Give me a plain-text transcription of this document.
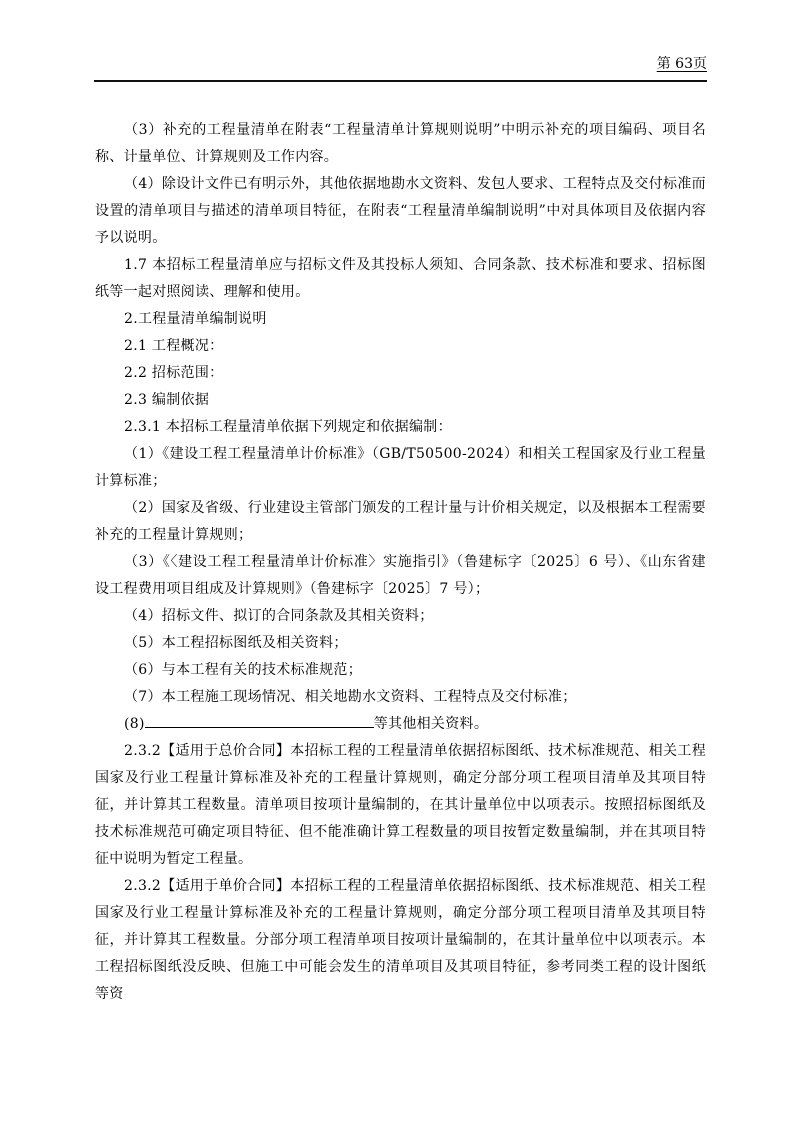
第 63页

（3）补充的工程量清单在附表“工程量清单计算规则说明”中明示补充的项目编码、项目名称、计量单位、计算规则及工作内容。

（4）除设计文件已有明示外，其他依据地勘水文资料、发包人要求、工程特点及交付标准而设置的清单项目与描述的清单项目特征，在附表“工程量清单编制说明”中对具体项目及依据内容予以说明。

1.7 本招标工程量清单应与招标文件及其投标人须知、合同条款、技术标准和要求、招标图纸等一起对照阅读、理解和使用。

2.工程量清单编制说明

2.1 工程概况：

2.2 招标范围：

2.3 编制依据

2.3.1 本招标工程量清单依据下列规定和依据编制：

（1）《建设工程工程量清单计价标准》（GB/T50500-2024）和相关工程国家及行业工程量计算标准；

（2）国家及省级、行业建设主管部门颁发的工程计量与计价相关规定，以及根据本工程需要补充的工程量计算规则；

（3）《〈建设工程工程量清单计价标准〉实施指引》（鲁建标字〔2025〕6 号）、《山东省建设工程费用项目组成及计算规则》（鲁建标字〔2025〕7 号）；

（4）招标文件、拟订的合同条款及其相关资料；

（5）本工程招标图纸及相关资料；

（6）与本工程有关的技术标准规范；

（7）本工程施工现场情况、相关地勘水文资料、工程特点及交付标准；

(8)	等其他相关资料。

2.3.2【适用于总价合同】本招标工程的工程量清单依据招标图纸、技术标准规范、相关工程国家及行业工程量计算标准及补充的工程量计算规则，确定分部分项工程项目清单及其项目特征，并计算其工程数量。清单项目按项计量编制的，在其计量单位中以项表示。按照招标图纸及技术标准规范可确定项目特征、但不能准确计算工程数量的项目按暂定数量编制，并在其项目特征中说明为暂定工程量。

2.3.2【适用于单价合同】本招标工程的工程量清单依据招标图纸、技术标准规范、相关工程国家及行业工程量计算标准及补充的工程量计算规则，确定分部分项工程项目清单及其项目特征，并计算其工程数量。分部分项工程清单项目按项计量编制的，在其计量单位中以项表示。本工程招标图纸没反映、但施工中可能会发生的清单项目及其项目特征，参考同类工程的设计图纸等资
